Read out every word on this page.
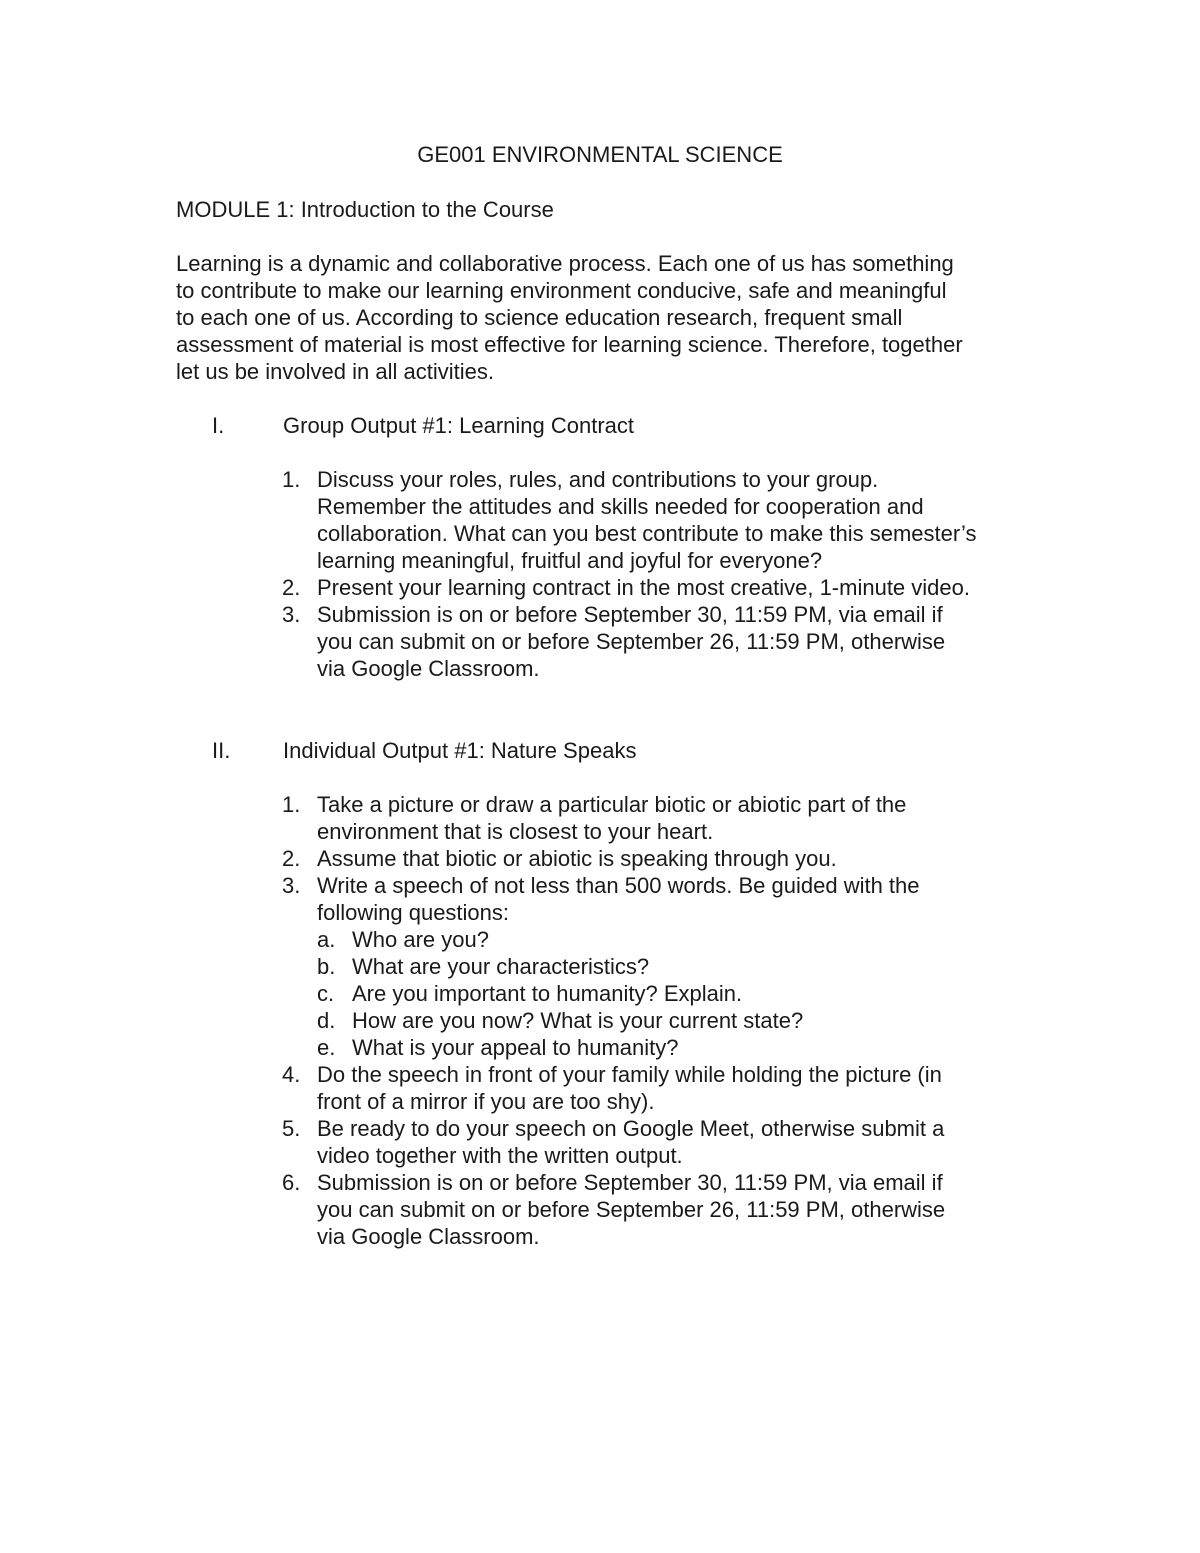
GE001 ENVIRONMENTAL SCIENCE
MODULE 1: Introduction to the Course
Learning is a dynamic and collaborative process. Each one of us has something
to contribute to make our learning environment conducive, safe and meaningful
to each one of us. According to science education research, frequent small
assessment of material is most effective for learning science. Therefore, together
let us be involved in all activities.
I.	Group Output #1: Learning Contract
1. Discuss your roles, rules, and contributions to your group.
Remember the attitudes and skills needed for cooperation and
collaboration. What can you best contribute to make this semester’s
learning meaningful, fruitful and joyful for everyone?
2. Present your learning contract in the most creative, 1-minute video.
3. Submission is on or before September 30, 11:59 PM, via email if
you can submit on or before September 26, 11:59 PM, otherwise
via Google Classroom.
II. Individual Output #1: Nature Speaks
1. Take a picture or draw a particular biotic or abiotic part of the
environment that is closest to your heart.
2. Assume that biotic or abiotic is speaking through you.
3. Write a speech of not less than 500 words. Be guided with the
following questions:
a. Who are you?
b. What are your characteristics?
c. Are you important to humanity? Explain.
d. How are you now? What is your current state?
e. What is your appeal to humanity?
4. Do the speech in front of your family while holding the picture (in
front of a mirror if you are too shy).
5. Be ready to do your speech on Google Meet, otherwise submit a
video together with the written output.
6. Submission is on or before September 30, 11:59 PM, via email if
you can submit on or before September 26, 11:59 PM, otherwise
via Google Classroom.
